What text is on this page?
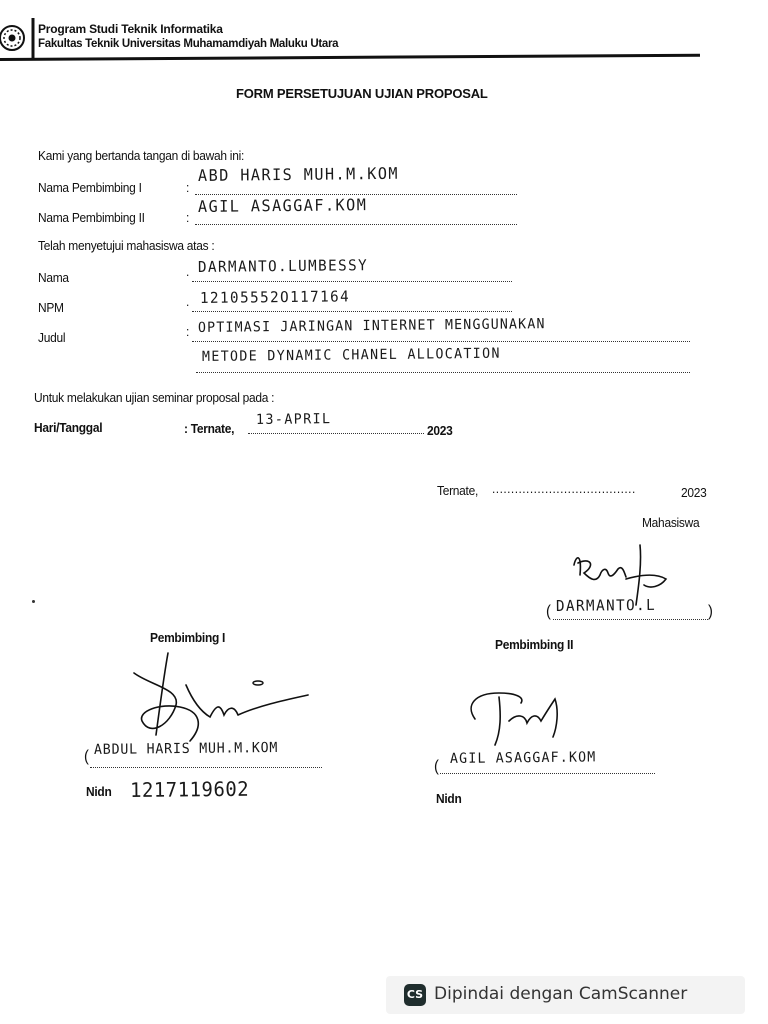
Program Studi Teknik Informatika
Fakultas Teknik Universitas Muhamamdiyah Maluku Utara
FORM PERSETUJUAN UJIAN PROPOSAL
Kami yang bertanda tangan di bawah ini:
Nama Pembimbing I	:
ABD HARIS MUH.M.KOM
Nama Pembimbing II	:
AGIL ASAGGAF.KOM
Telah menyetujui mahasiswa atas :
Nama	. DARMANTO.LUMBESSY
NPM	. 12105552O117164
Judul	: OPTIMASI JARINGAN INTERNET MENGGUNAKAN
METODE DYNAMIC CHANEL ALLOCATION
Untuk melakukan ujian seminar proposal pada :
Hari/Tanggal	: Ternate,
13-APRIL
2023
Ternate, ......................................	2023
Mahasiswa
( DARMANTO.L	)
Pembimbing I	Pembimbing II
( ABDUL HARIS MUH.M.KOM
Nidn 1217119602
( AGIL ASAGGAF.KOM
Nidn
CS Dipindai dengan CamScanner
